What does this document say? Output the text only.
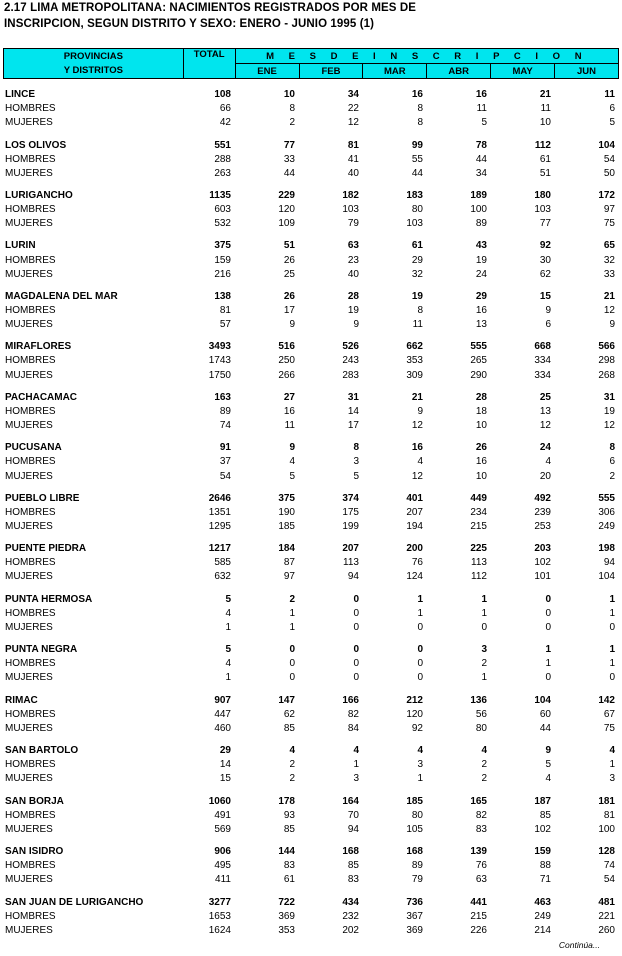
2.17 LIMA METROPOLITANA: NACIMIENTOS REGISTRADOS POR MES DE
INSCRIPCION, SEGUN DISTRITO Y SEXO: ENERO - JUNIO 1995 (1)
PROVINCIAS	TOTAL	M E S D E I N S C R I P C I O N					
Y DISTRITOS		ENE	FEB	MAR	ABR	MAY	JUN
LINCE	108	10	34	16	16	21	11
HOMBRES	66	8	22	8	11	11	6
MUJERES	42	2	12	8	5	10	5

LOS OLIVOS	551	77	81	99	78	112	104
HOMBRES	288	33	41	55	44	61	54
MUJERES	263	44	40	44	34	51	50

LURIGANCHO	1135	229	182	183	189	180	172
HOMBRES	603	120	103	80	100	103	97
MUJERES	532	109	79	103	89	77	75

LURIN	375	51	63	61	43	92	65
HOMBRES	159	26	23	29	19	30	32
MUJERES	216	25	40	32	24	62	33

MAGDALENA DEL MAR	138	26	28	19	29	15	21
HOMBRES	81	17	19	8	16	9	12
MUJERES	57	9	9	11	13	6	9

MIRAFLORES	3493	516	526	662	555	668	566
HOMBRES	1743	250	243	353	265	334	298
MUJERES	1750	266	283	309	290	334	268

PACHACAMAC	163	27	31	21	28	25	31
HOMBRES	89	16	14	9	18	13	19
MUJERES	74	11	17	12	10	12	12

PUCUSANA	91	9	8	16	26	24	8
HOMBRES	37	4	3	4	16	4	6
MUJERES	54	5	5	12	10	20	2

PUEBLO LIBRE	2646	375	374	401	449	492	555
HOMBRES	1351	190	175	207	234	239	306
MUJERES	1295	185	199	194	215	253	249

PUENTE PIEDRA	1217	184	207	200	225	203	198
HOMBRES	585	87	113	76	113	102	94
MUJERES	632	97	94	124	112	101	104

PUNTA HERMOSA	5	2	0	1	1	0	1
HOMBRES	4	1	0	1	1	0	1
MUJERES	1	1	0	0	0	0	0

PUNTA NEGRA	5	0	0	0	3	1	1
HOMBRES	4	0	0	0	2	1	1
MUJERES	1	0	0	0	1	0	0

RIMAC	907	147	166	212	136	104	142
HOMBRES	447	62	82	120	56	60	67
MUJERES	460	85	84	92	80	44	75

SAN BARTOLO	29	4	4	4	4	9	4
HOMBRES	14	2	1	3	2	5	1
MUJERES	15	2	3	1	2	4	3

SAN BORJA	1060	178	164	185	165	187	181
HOMBRES	491	93	70	80	82	85	81
MUJERES	569	85	94	105	83	102	100

SAN ISIDRO	906	144	168	168	139	159	128
HOMBRES	495	83	85	89	76	88	74
MUJERES	411	61	83	79	63	71	54

SAN JUAN DE LURIGANCHO	3277	722	434	736	441	463	481
HOMBRES	1653	369	232	367	215	249	221
MUJERES	1624	353	202	369	226	214	260
Continúa...
